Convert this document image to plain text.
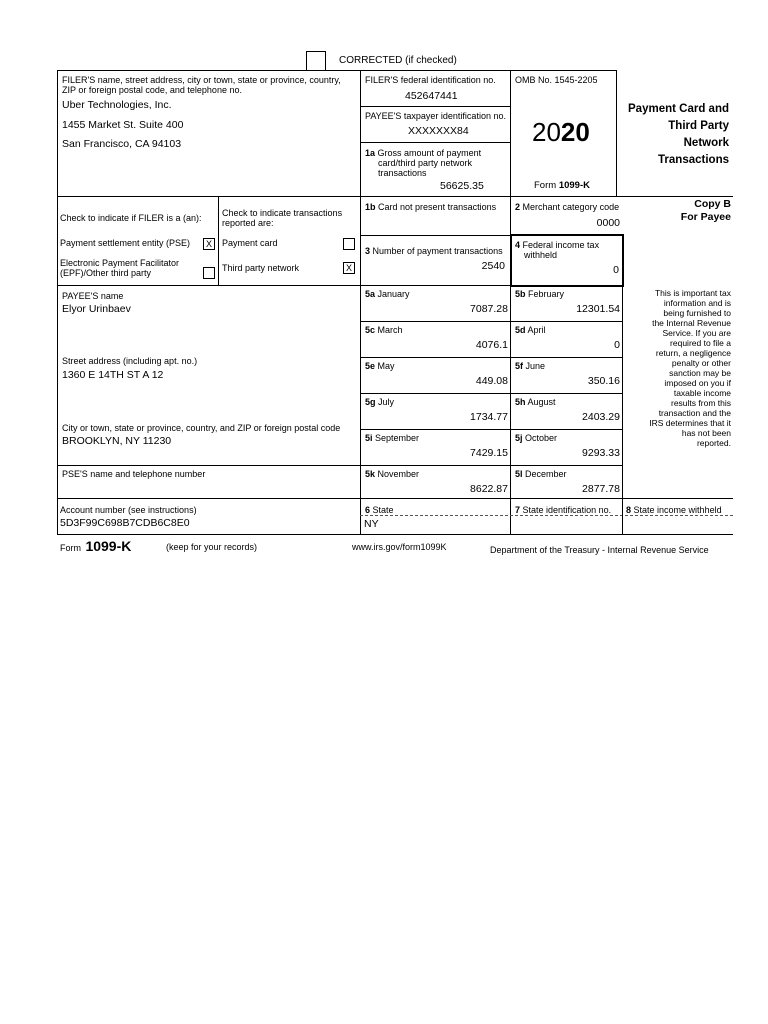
CORRECTED (if checked)
FILER'S name, street address, city or town, state or province, country,
ZIP or foreign postal code, and telephone no.
Uber Technologies, Inc.
1455 Market St. Suite 400
San Francisco, CA 94103
FILER'S federal identification no.
452647441
PAYEE'S taxpayer identification no.
XXXXXXX84
1a Gross amount of payment
card/third party network
transactions
56625.35
OMB No. 1545-2205
2020
Form 1099-K
Payment Card and
Third Party
Network
Transactions
Copy B
For Payee
Check to indicate if FILER is a (an): Check to indicate transactions
reported are:
Payment settlement entity (PSE)	X
Electronic Payment Facilitator
(EPF)/Other third party
Payment card
Third party network	X
1b Card not present transactions 2 Merchant category code
0000
3 Number of payment transactions
2540
4 Federal income tax
withheld
0
PAYEE'S name
Elyor Urinbaev
Street address (including apt. no.)
1360 E 14TH ST A 12
City or town, state or province, country, and ZIP or foreign postal code
BROOKLYN, NY 11230
PSE'S name and telephone number
Account number (see instructions)
5D3F99C698B7CDB6C8E0
5a January
7087.28
5b February
12301.54
5c March
4076.1
5d April
0
5e May
449.08
5f June
350.16
5g July
1734.77
5h August
2403.29
5i September
7429.15
5j October
9293.33
5k November
8622.87
5l December
2877.78
This is important tax
information and is
being furnished to
the Internal Revenue
Service. If you are
required to file a
return, a negligence
penalty or other
sanction may be
imposed on you if
taxable income
results from this
transaction and the
IRS determines that it
has not been
reported.
6 State
NY
7 State identification no. 8 State income withheld
Form 1099-K	(keep for your records)	www.irs.gov/form1099K	Department of the Treasury - Internal Revenue Service
